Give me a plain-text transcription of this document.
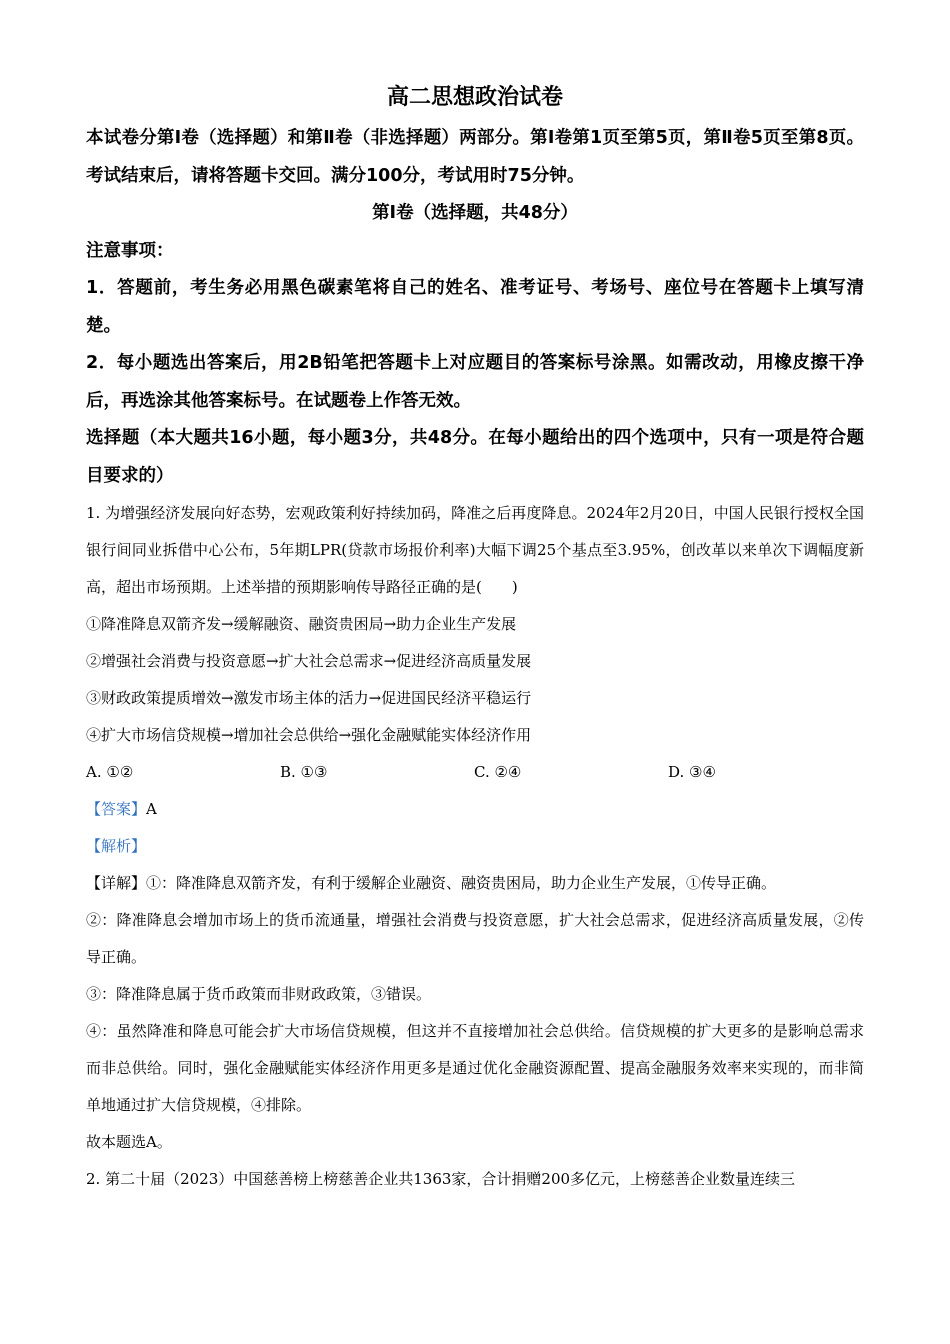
高二思想政治试卷

本试卷分第Ⅰ卷（选择题）和第Ⅱ卷（非选择题）两部分。第Ⅰ卷第1页至第5页，第Ⅱ卷5页至第8页。考试结束后，请将答题卡交回。满分100分，考试用时75分钟。

第Ⅰ卷（选择题，共48分）

注意事项：

1．答题前，考生务必用黑色碳素笔将自己的姓名、准考证号、考场号、座位号在答题卡上填写清楚。

2．每小题选出答案后，用2B铅笔把答题卡上对应题目的答案标号涂黑。如需改动，用橡皮擦干净后，再选涂其他答案标号。在试题卷上作答无效。

选择题（本大题共16小题，每小题3分，共48分。在每小题给出的四个选项中，只有一项是符合题目要求的）

1. 为增强经济发展向好态势，宏观政策利好持续加码，降准之后再度降息。2024年2月20日，中国人民银行授权全国银行间同业拆借中心公布，5年期LPR(贷款市场报价利率)大幅下调25个基点至3.95%，创改革以来单次下调幅度新高，超出市场预期。上述举措的预期影响传导路径正确的是(　　)

①降准降息双箭齐发→缓解融资、融资贵困局→助力企业生产发展

②增强社会消费与投资意愿→扩大社会总需求→促进经济高质量发展

③财政政策提质增效→激发市场主体的活力→促进国民经济平稳运行

④扩大市场信贷规模→增加社会总供给→强化金融赋能实体经济作用

A. ①②	B. ①③	C. ②④	D. ③④

【答案】A

【解析】

【详解】①：降准降息双箭齐发，有利于缓解企业融资、融资贵困局，助力企业生产发展，①传导正确。

②：降准降息会增加市场上的货币流通量，增强社会消费与投资意愿，扩大社会总需求，促进经济高质量发展，②传导正确。

③：降准降息属于货币政策而非财政政策，③错误。

④：虽然降准和降息可能会扩大市场信贷规模，但这并不直接增加社会总供给。信贷规模的扩大更多的是影响总需求而非总供给。同时，强化金融赋能实体经济作用更多是通过优化金融资源配置、提高金融服务效率来实现的，而非简单地通过扩大信贷规模，④排除。

故本题选A。

2. 第二十届（2023）中国慈善榜上榜慈善企业共1363家，合计捐赠200多亿元，上榜慈善企业数量连续三
